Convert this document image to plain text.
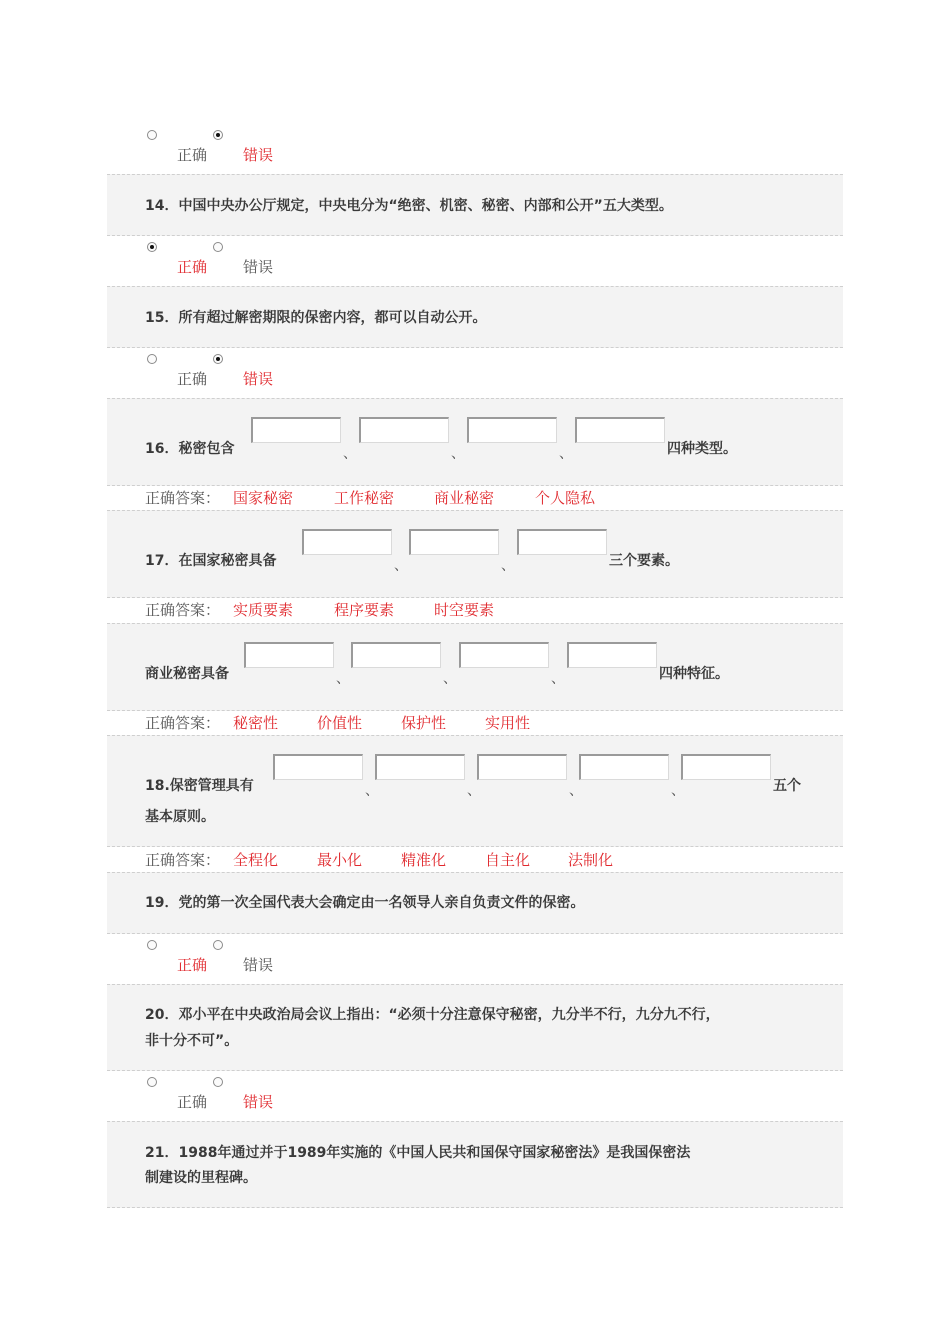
正确 错误
14．中国中央办公厅规定，中央电分为“绝密、机密、秘密、内部和公开”五大类型。
正确 错误
15．所有超过解密期限的保密内容，都可以自动公开。
正确 错误
16．秘密包含	、	、	、	四种类型。
正确答案： 国家秘密	工作秘密	商业秘密	个人隐私
17．在国家秘密具备	、	、	三个要素。
正确答案： 实质要素	程序要素	时空要素
商业秘密具备	、	、	、	四种特征。
正确答案： 秘密性	价值性	保护性	实用性
18.保密管理具有	、	、	、	、	五个
基本原则。
正确答案： 全程化	最小化	精准化	自主化	法制化
19．党的第一次全国代表大会确定由一名领导人亲自负责文件的保密。
正确 错误
20．邓小平在中央政治局会议上指出：“必须十分注意保守秘密，九分半不行，九分九不行，
非十分不可”。
正确 错误
21．1988年通过并于1989年实施的《中国人民共和国保守国家秘密法》是我国保密法
制建设的里程碑。
